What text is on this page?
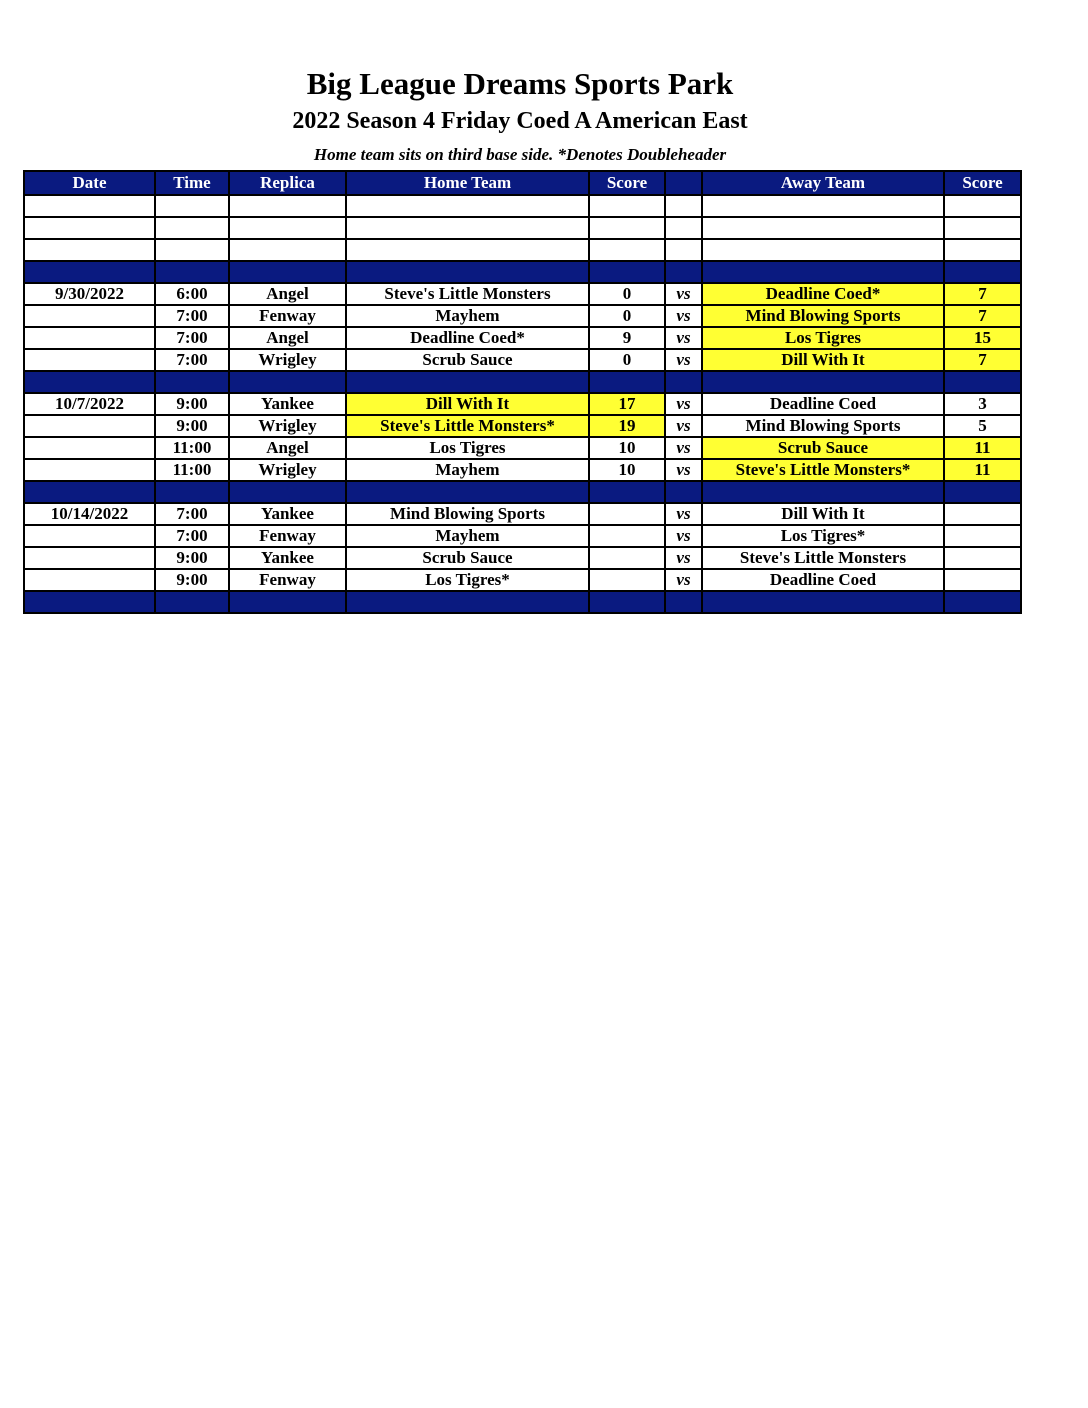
Big League Dreams Sports Park
2022 Season 4 Friday Coed A American East
Home team sits on third base side. *Denotes Doubleheader
Date	Time	Replica	Home Team	Score		Away Team	Score

9/30/2022	6:00	Angel	Steve's Little Monsters	0	vs	Deadline Coed*	7
	7:00	Fenway	Mayhem	0	vs	Mind Blowing Sports	7
	7:00	Angel	Deadline Coed*	9	vs	Los Tigres	15
	7:00	Wrigley	Scrub Sauce	0	vs	Dill With It	7

10/7/2022	9:00	Yankee	Dill With It	17	vs	Deadline Coed	3
	9:00	Wrigley	Steve's Little Monsters*	19	vs	Mind Blowing Sports	5
	11:00	Angel	Los Tigres	10	vs	Scrub Sauce	11
	11:00	Wrigley	Mayhem	10	vs	Steve's Little Monsters*	11

10/14/2022	7:00	Yankee	Mind Blowing Sports		vs	Dill With It	
	7:00	Fenway	Mayhem		vs	Los Tigres*	
	9:00	Yankee	Scrub Sauce		vs	Steve's Little Monsters	
	9:00	Fenway	Los Tigres*		vs	Deadline Coed	
